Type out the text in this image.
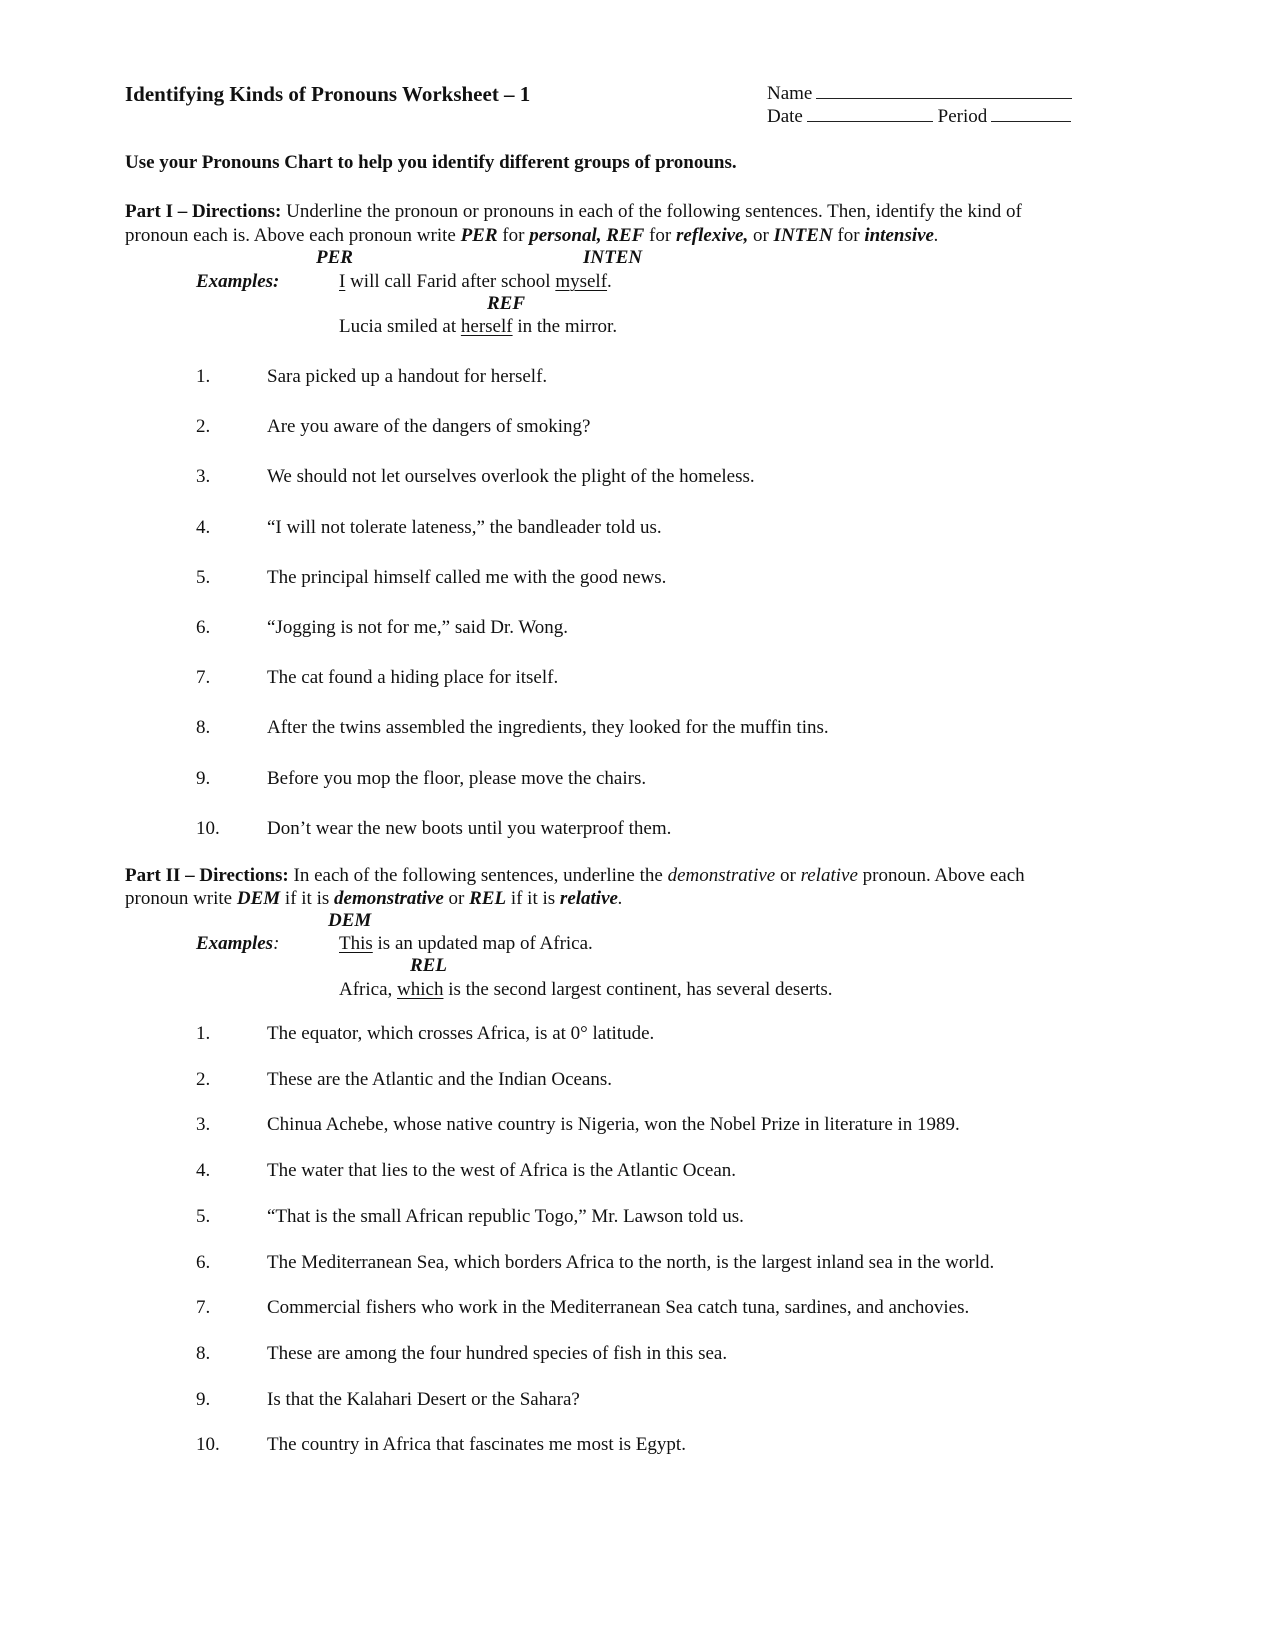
Identifying Kinds of Pronouns Worksheet – 1	Name
Date	Period
Use your Pronouns Chart to help you identify different groups of pronouns.
Part I – Directions: Underline the pronoun or pronouns in each of the following sentences. Then, identify the kind of
pronoun each is. Above each pronoun write PER for personal, REF for reflexive, or INTEN for intensive.
PER	INTEN
Examples:	I will call Farid after school myself.
REF
Lucia smiled at herself in the mirror.
1.	Sara picked up a handout for herself.
2.	Are you aware of the dangers of smoking?
3.	We should not let ourselves overlook the plight of the homeless.
4.	“I will not tolerate lateness,” the bandleader told us.
5.	The principal himself called me with the good news.
6.	“Jogging is not for me,” said Dr. Wong.
7.	The cat found a hiding place for itself.
8.	After the twins assembled the ingredients, they looked for the muffin tins.
9.	Before you mop the floor, please move the chairs.
10.	Don’t wear the new boots until you waterproof them.
Part II – Directions: In each of the following sentences, underline the demonstrative or relative pronoun. Above each
pronoun write DEM if it is demonstrative or REL if it is relative.
DEM
Examples:	This is an updated map of Africa.
REL
Africa, which is the second largest continent, has several deserts.
1.	The equator, which crosses Africa, is at 0° latitude.
2.	These are the Atlantic and the Indian Oceans.
3.	Chinua Achebe, whose native country is Nigeria, won the Nobel Prize in literature in 1989.
4.	The water that lies to the west of Africa is the Atlantic Ocean.
5.	“That is the small African republic Togo,” Mr. Lawson told us.
6.	The Mediterranean Sea, which borders Africa to the north, is the largest inland sea in the world.
7.	Commercial fishers who work in the Mediterranean Sea catch tuna, sardines, and anchovies.
8.	These are among the four hundred species of fish in this sea.
9.	Is that the Kalahari Desert or the Sahara?
10.	The country in Africa that fascinates me most is Egypt.
